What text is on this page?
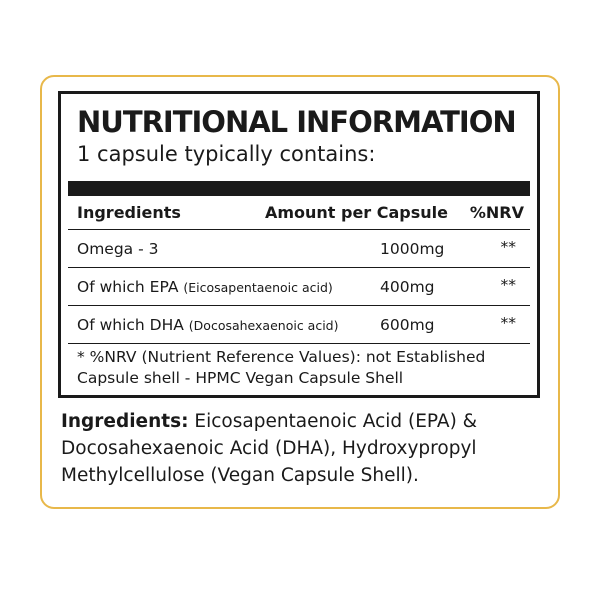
NUTRITIONAL INFORMATION

1 capsule typically contains:

Ingredients	Amount per Capsule %NRV
Omega - 3	1000mg	**
Of which EPA (Eicosapentaenoic acid)	400mg	**
Of which DHA (Docosahexaenoic acid)	600mg	**

* %NRV (Nutrient Reference Values): not Established
Capsule shell - HPMC Vegan Capsule Shell

Ingredients: Eicosapentaenoic Acid (EPA) & Docosahexaenoic Acid (DHA), Hydroxypropyl Methylcellulose (Vegan Capsule Shell).
